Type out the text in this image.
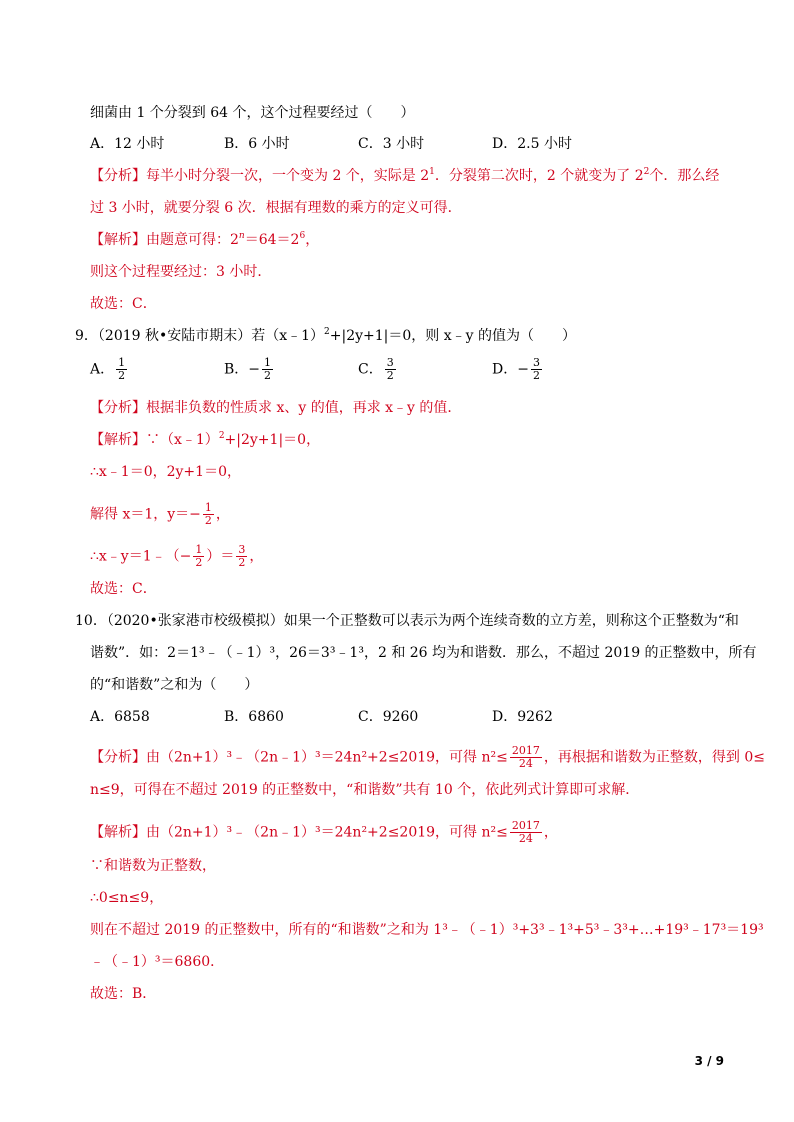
细菌由 1 个分裂到 64 个，这个过程要经过（　　）
A．12 小时	B．6 小时	C．3 小时	D．2.5 小时
【分析】每半小时分裂一次，一个变为 2 个，实际是 $2^1$．分裂第二次时，2 个就变为了 $2^2$个．那么经
过 3 小时，就要分裂 6 次．根据有理数的乘方的定义可得．
【解析】由题意可得：$2^n=64=2^6$，
则这个过程要经过：3 小时．
故选：C．
9．（2019 秋•安陆市期末）若（x﹣1）$^2$+|2y+1|＝0，则 x﹣y 的值为（　　）
A． $\frac{1}{2}$	B．− $\frac{1}{2}$	C． $\frac{3}{2}$	D．− $\frac{3}{2}$
【分析】根据非负数的性质求 x、y 的值，再求 x﹣y 的值．
【解析】∵（x﹣1）$^2$+|2y+1|＝0，
∴x﹣1＝0，2y+1＝0，
解得 x＝1，$y=- \frac{1}{2}$ ，
∴x﹣y＝1﹣（− $\frac{1}{2}$ ）＝ $\frac{3}{2}$ ，
故选：C．
10．（2020•张家港市校级模拟）如果一个正整数可以表示为两个连续奇数的立方差，则称这个正整数为“和
谐数”．如：2＝1³﹣（﹣1）³，26＝3³﹣1³，2 和 26 均为和谐数．那么，不超过 2019 的正整数中，所有
的“和谐数”之和为（　　）
A．6858	B．6860	C．9260	D．9262
【分析】由（2n+1）³﹣（2n﹣1）³＝24n²+2≤2019，可得 $n^2\le \frac{2017}{24}$ ，再根据和谐数为正整数，得到 0≤
n≤9，可得在不超过 2019 的正整数中，“和谐数”共有 10 个，依此列式计算即可求解．
【解析】由（2n+1）³﹣（2n﹣1）³＝24n²+2≤2019，可得 $n^2\le \frac{2017}{24}$ ，
∵和谐数为正整数，
∴0≤n≤9，
则在不超过 2019 的正整数中，所有的“和谐数”之和为 1³﹣（﹣1）³+3³﹣1³+5³﹣3³+…+19³﹣17³＝19³
﹣（﹣1）³＝6860．
故选：B．
3 / 9
